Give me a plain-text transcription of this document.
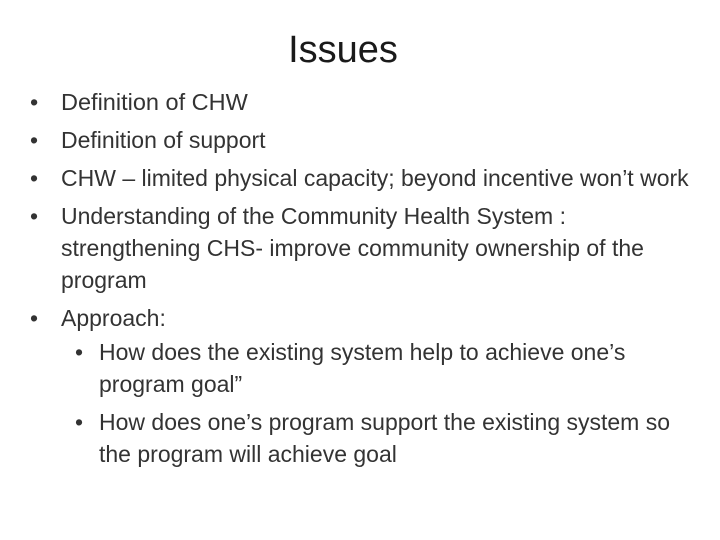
Issues
• Definition of CHW
• Definition of support
• CHW – limited physical capacity; beyond incentive won’t work
• Understanding of the Community Health System : strengthening CHS- improve community ownership of the program
• Approach:
• How does the existing system help to achieve one’s program goal”
• How does one’s program support the existing system so the program will achieve goal
